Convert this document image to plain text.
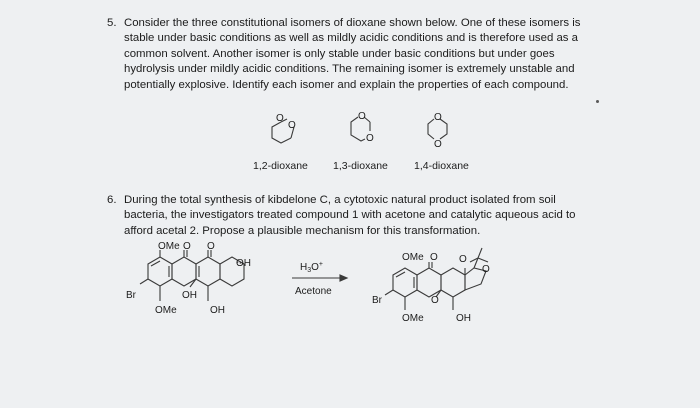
5. Consider the three constitutional isomers of dioxane shown below. One of these isomers is
stable under basic conditions as well as mildly acidic conditions and is therefore used as a
common solvent. Another isomer is only stable under basic conditions but under goes
hydrolysis under mildly acidic conditions. The remaining isomer is extremely unstable and
potentially explosive. Identify each isomer and explain the properties of each compound.
O
O
O
O
O
O
1,2-dioxane 1,3-dioxane 1,4-dioxane
OMe O O
OH
Br	OH
OMe	OH
$H_3O^+$
Acetone
OMe O O
O
Br	O
OMe	OH
6. During the total synthesis of kibdelone C, a cytotoxic natural product isolated from soil
bacteria, the investigators treated compound 1 with acetone and catalytic aqueous acid to
afford acetal 2. Propose a plausible mechanism for this transformation.
